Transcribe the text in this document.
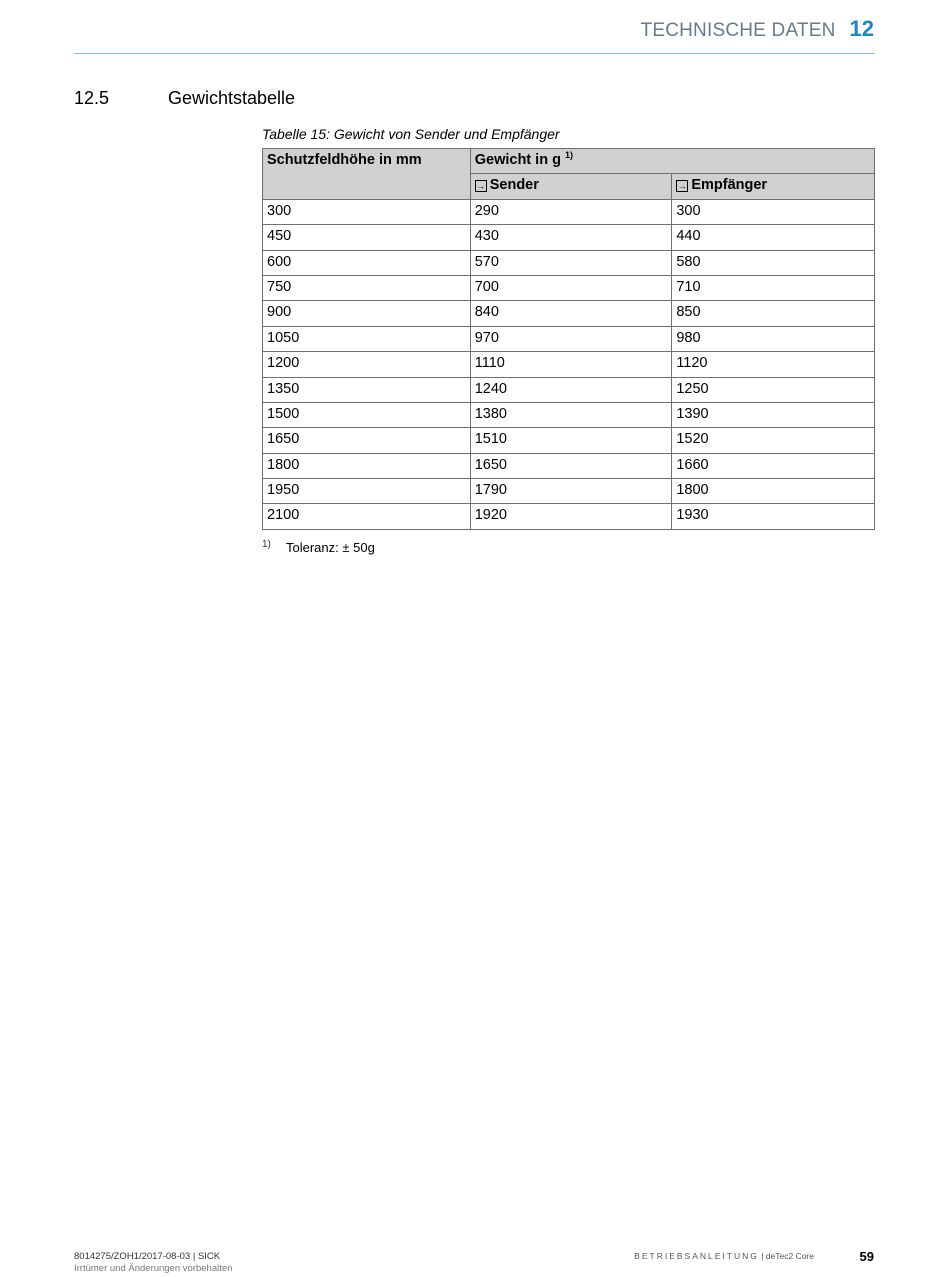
TECHNISCHE DATEN 12
12.5	Gewichtstabelle
Tabelle 15: Gewicht von Sender und Empfänger
Schutzfeldhöhe in mm	Gewicht in g $^{1)}$
	→ Sender	→ Empfänger
300	290	300
450	430	440
600	570	580
750	700	710
900	840	850
1050	970	980
1200	1110	1120
1350	1240	1250
1500	1380	1390
1650	1510	1520
1800	1650	1660
1950	1790	1800
2100	1920	1930
1) Toleranz: ± 50g
8014275/ZOH1/2017-08-03 | SICK
Irrtümer und Änderungen vorbehalten
BETRIEBSANLEITUNG | deTec2 Core	59
